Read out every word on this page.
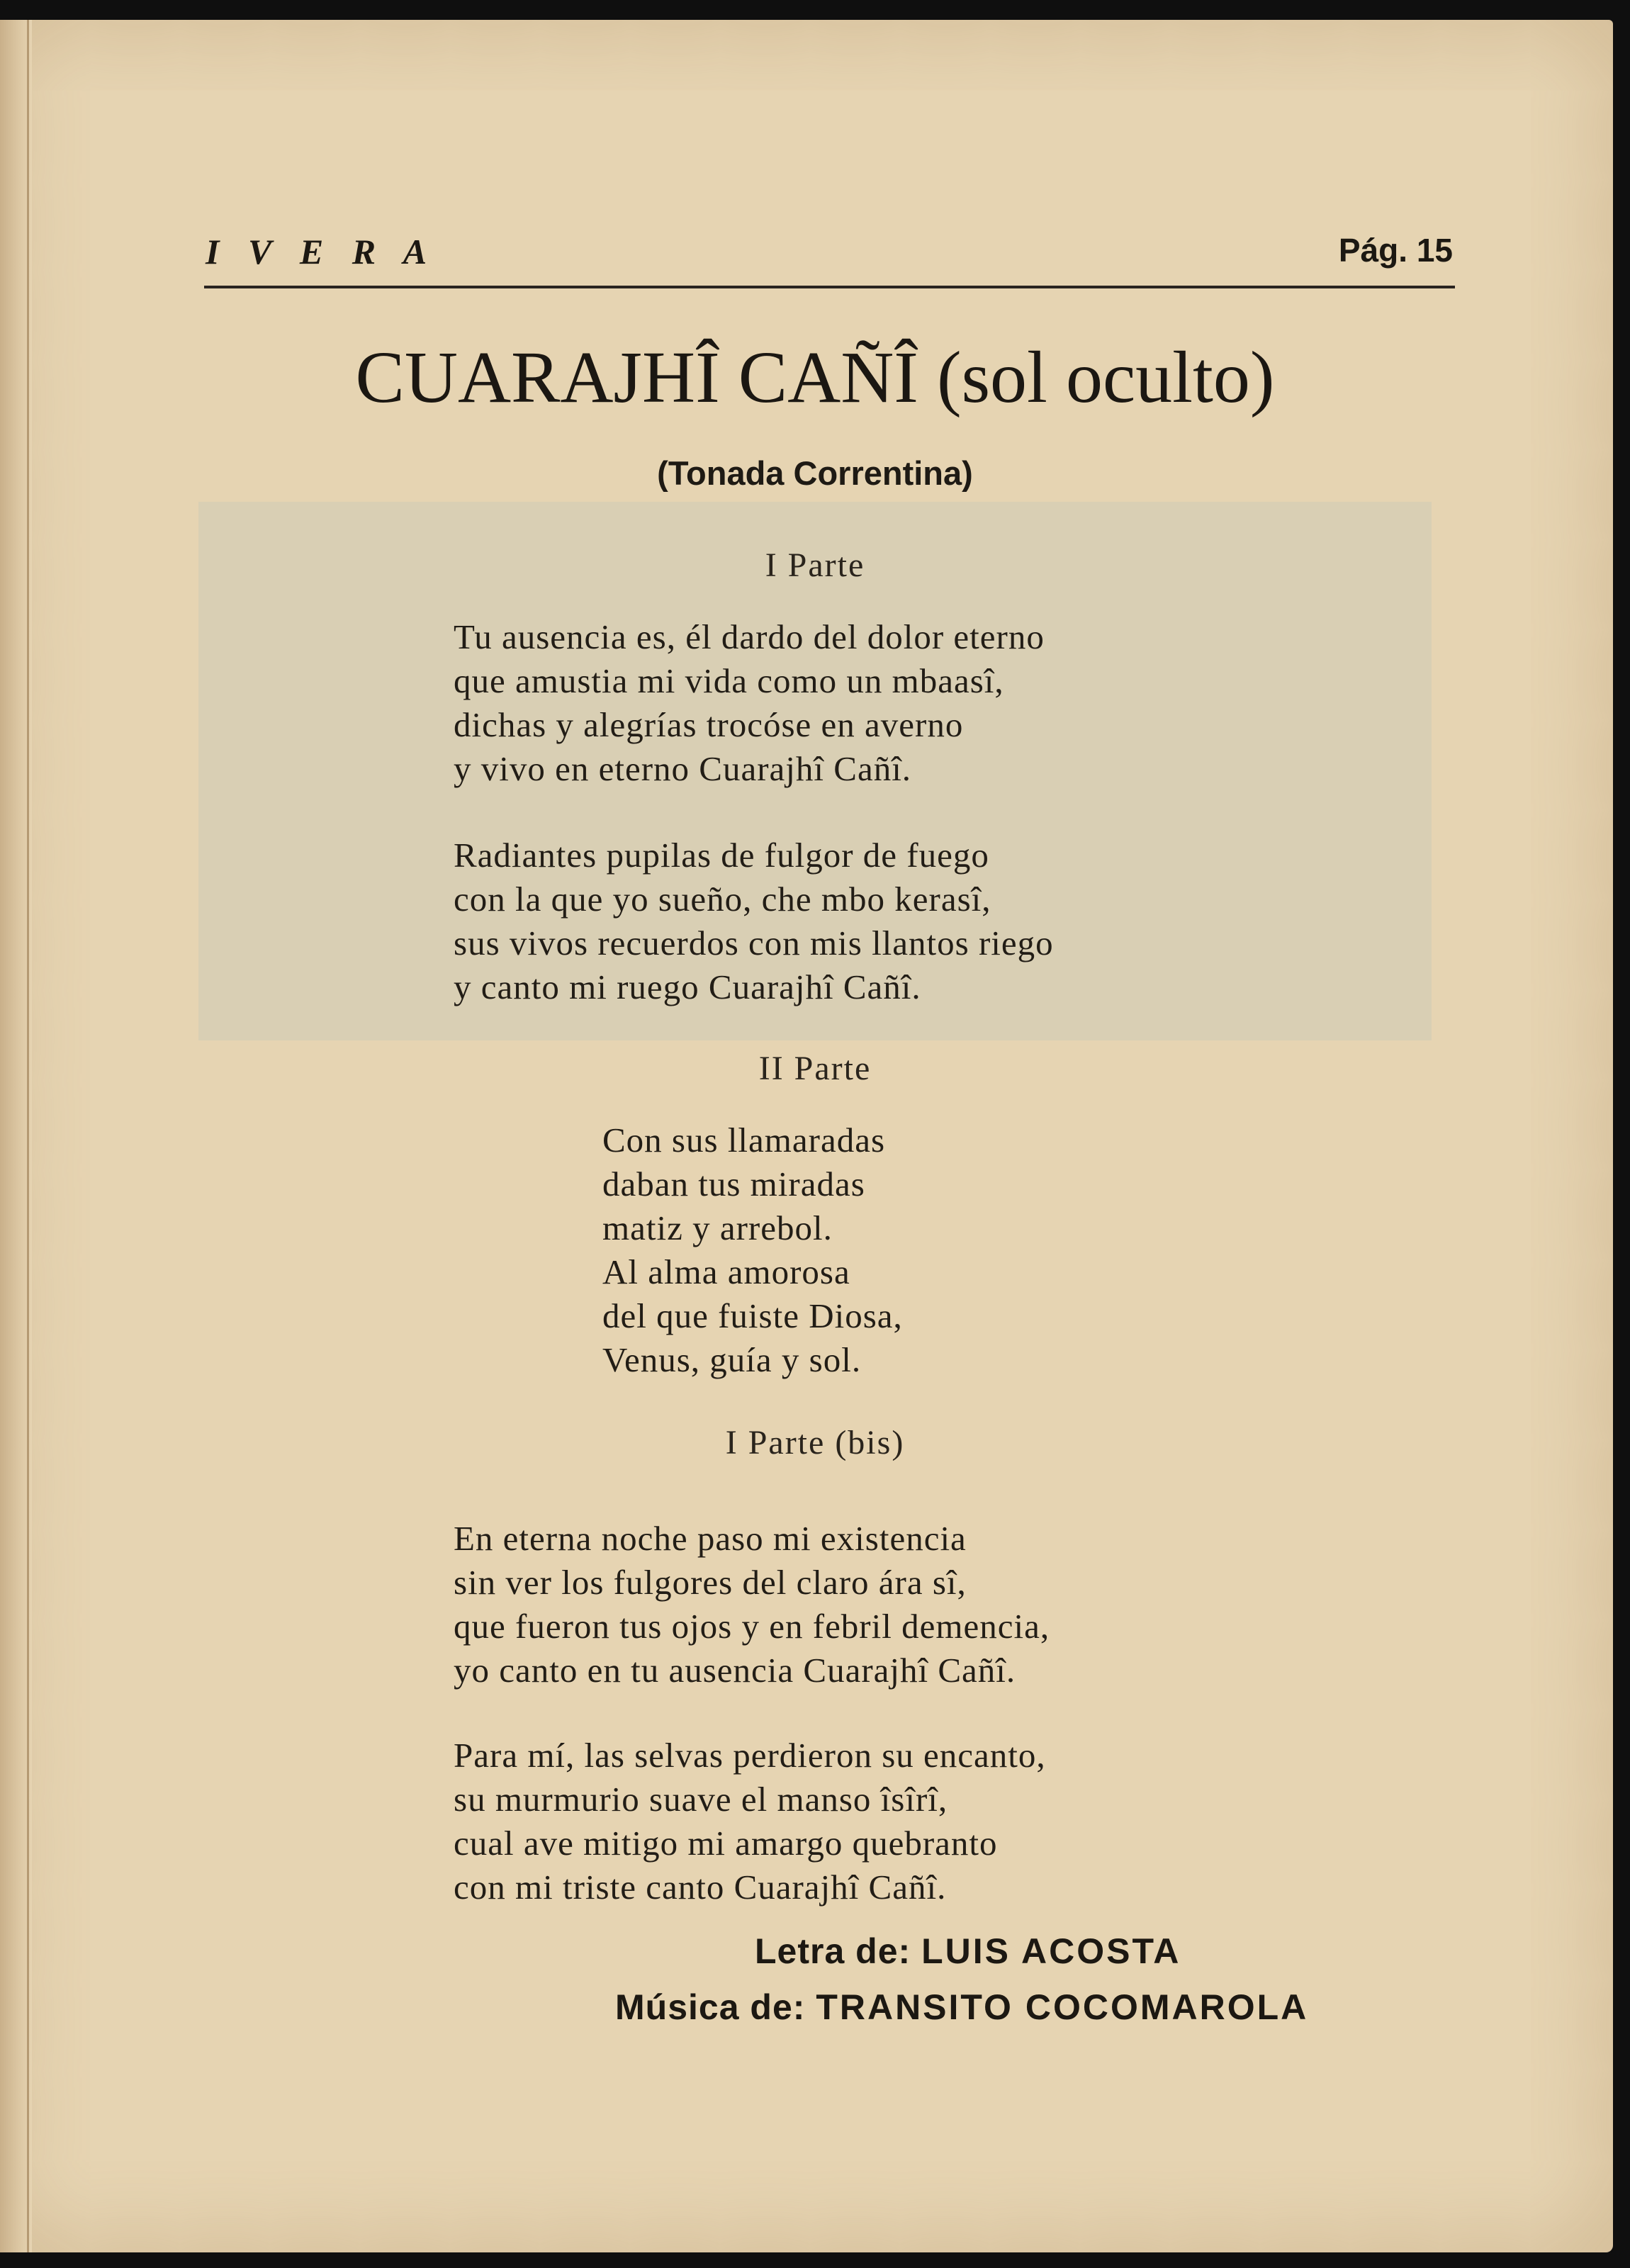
I V E R A	Pág. 15
CUARAJHÎ CAÑÎ (sol oculto)
(Tonada Correntina)
I Parte
Tu ausencia es, él dardo del dolor eterno
que amustia mi vida como un mbaasî,
dichas y alegrías trocóse en averno
y vivo en eterno Cuarajhî Cañî.
Radiantes pupilas de fulgor de fuego
con la que yo sueño, che mbo kerasî,
sus vivos recuerdos con mis llantos riego
y canto mi ruego Cuarajhî Cañî.
II Parte
Con sus llamaradas
daban tus miradas
matiz y arrebol.
Al alma amorosa
del que fuiste Diosa,
Venus, guía y sol.
I Parte (bis)
En eterna noche paso mi existencia
sin ver los fulgores del claro ára sî,
que fueron tus ojos y en febril demencia,
yo canto en tu ausencia Cuarajhî Cañî.
Para mí, las selvas perdieron su encanto,
su murmurio suave el manso îsîrî,
cual ave mitigo mi amargo quebranto
con mi triste canto Cuarajhî Cañî.
Letra de: LUIS ACOSTA
Música de: TRANSITO COCOMAROLA
